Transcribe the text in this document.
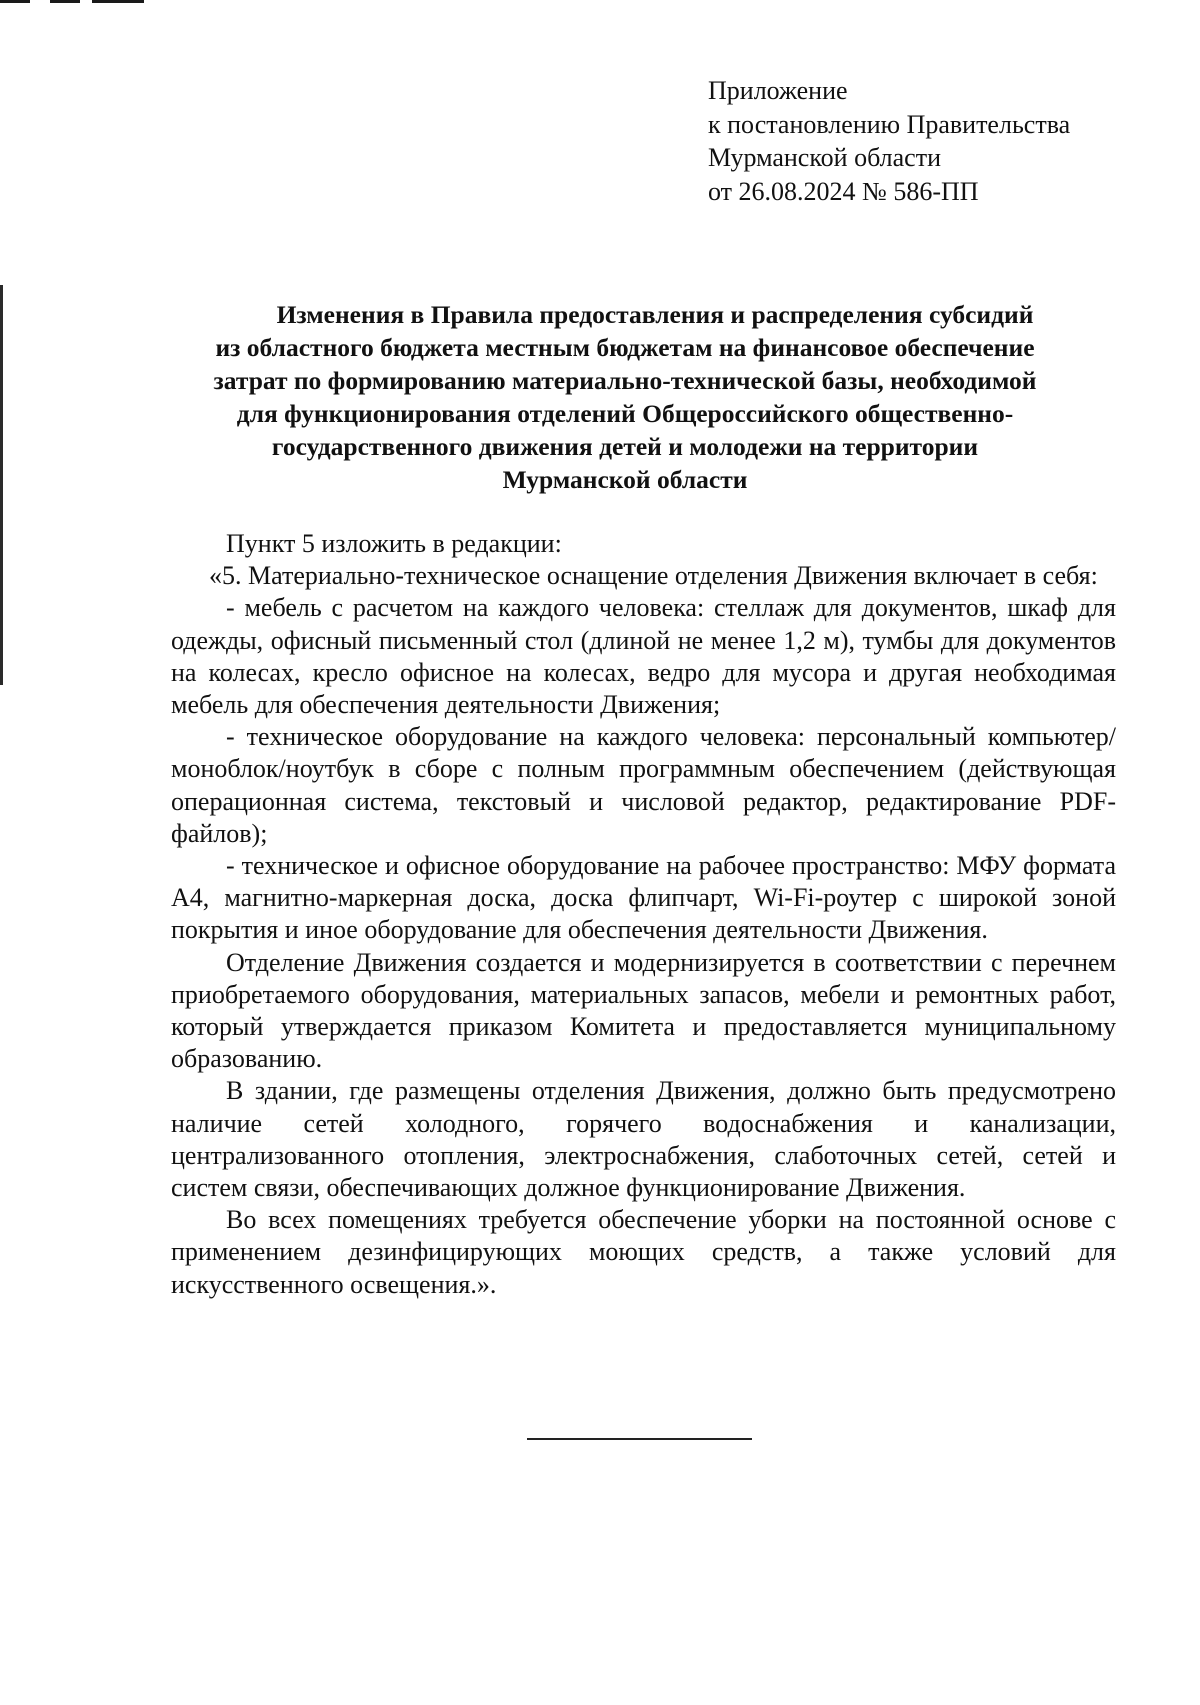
Приложение
к постановлению Правительства
Мурманской области
от 26.08.2024 № 586-ПП
Изменения в Правила предоставления и распределения субсидий
из областного бюджета местным бюджетам на финансовое обеспечение
затрат по формированию материально-технической базы, необходимой
для функционирования отделений Общероссийского общественно-
государственного движения детей и молодежи на территории
Мурманской области

Пункт 5 изложить в редакции:

«5. Материально-техническое оснащение отделения Движения включает в себя:

- мебель с расчетом на каждого человека: стеллаж для документов, шкаф для одежды, офисный письменный стол (длиной не менее 1,2 м), тумбы для документов на колесах, кресло офисное на колесах, ведро для мусора и другая необходимая мебель для обеспечения деятельности Движения;

- техническое оборудование на каждого человека: персональный компьютер/моноблок/ноутбук в сборе с полным программным обеспечением (действующая операционная система, текстовый и числовой редактор, редактирование PDF-файлов);

- техническое и офисное оборудование на рабочее пространство: МФУ формата А4, магнитно-маркерная доска, доска флипчарт, Wi-Fi-роутер с широкой зоной покрытия и иное оборудование для обеспечения деятельности Движения.

Отделение Движения создается и модернизируется в соответствии с перечнем приобретаемого оборудования, материальных запасов, мебели и ремонтных работ, который утверждается приказом Комитета и предоставляется муниципальному образованию.

В здании, где размещены отделения Движения, должно быть предусмотрено наличие сетей холодного, горячего водоснабжения и канализации, централизованного отопления, электроснабжения, слаботочных сетей, сетей и систем связи, обеспечивающих должное функционирование Движения.

Во всех помещениях требуется обеспечение уборки на постоянной основе с применением дезинфицирующих моющих средств, а также условий для искусственного освещения.».
